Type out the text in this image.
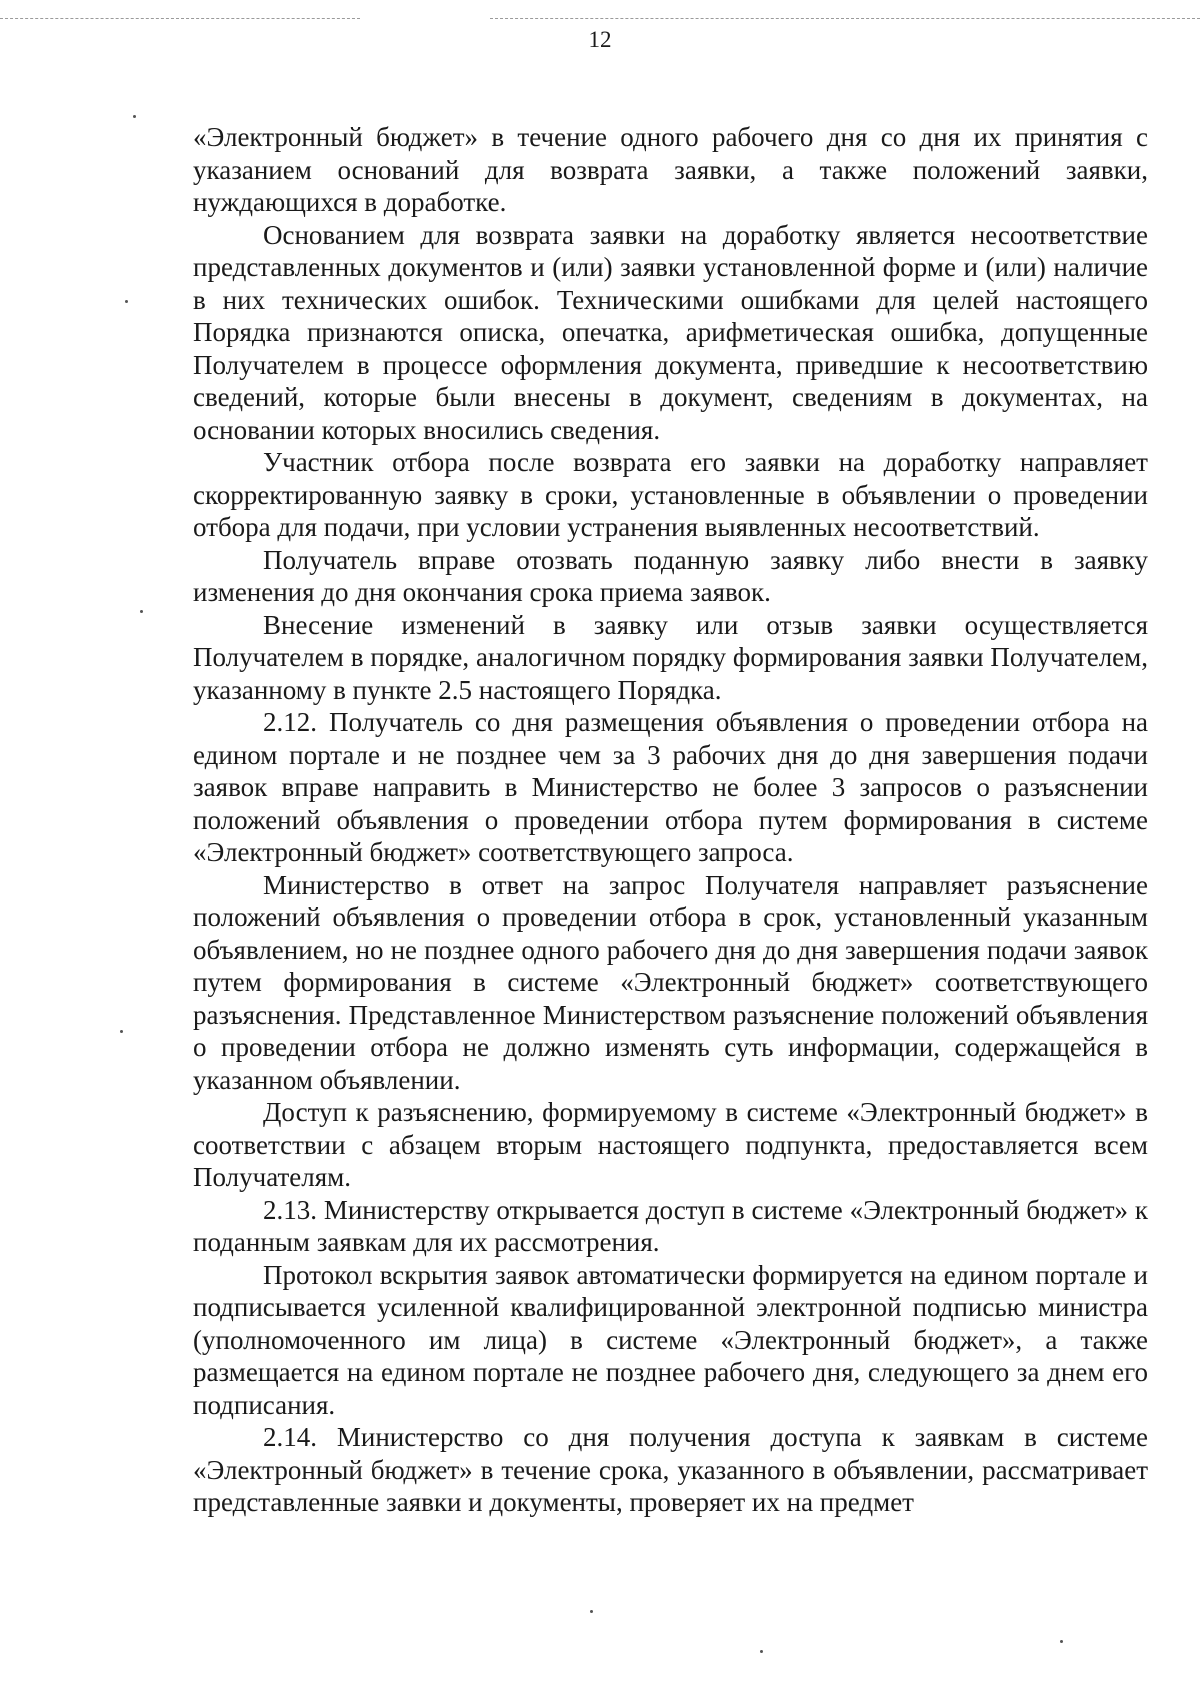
12

«Электронный бюджет» в течение одного рабочего дня со дня их принятия с указанием оснований для возврата заявки, а также положений заявки, нуждающихся в доработке.

Основанием для возврата заявки на доработку является несоответствие представленных документов и (или) заявки установленной форме и (или) наличие в них технических ошибок. Техническими ошибками для целей настоящего Порядка признаются описка, опечатка, арифметическая ошибка, допущенные Получателем в процессе оформления документа, приведшие к несоответствию сведений, которые были внесены в документ, сведениям в документах, на основании которых вносились сведения.

Участник отбора после возврата его заявки на доработку направляет скорректированную заявку в сроки, установленные в объявлении о проведении отбора для подачи, при условии устранения выявленных несоответствий.

Получатель вправе отозвать поданную заявку либо внести в заявку изменения до дня окончания срока приема заявок.

Внесение изменений в заявку или отзыв заявки осуществляется Получателем в порядке, аналогичном порядку формирования заявки Получателем, указанному в пункте 2.5 настоящего Порядка.

2.12. Получатель со дня размещения объявления о проведении отбора на едином портале и не позднее чем за 3 рабочих дня до дня завершения подачи заявок вправе направить в Министерство не более 3 запросов о разъяснении положений объявления о проведении отбора путем формирования в системе «Электронный бюджет» соответствующего запроса.

Министерство в ответ на запрос Получателя направляет разъяснение положений объявления о проведении отбора в срок, установленный указанным объявлением, но не позднее одного рабочего дня до дня завершения подачи заявок путем формирования в системе «Электронный бюджет» соответствующего разъяснения. Представленное Министерством разъяснение положений объявления о проведении отбора не должно изменять суть информации, содержащейся в указанном объявлении.

Доступ к разъяснению, формируемому в системе «Электронный бюджет» в соответствии с абзацем вторым настоящего подпункта, предоставляется всем Получателям.

2.13. Министерству открывается доступ в системе «Электронный бюджет» к поданным заявкам для их рассмотрения.

Протокол вскрытия заявок автоматически формируется на едином портале и подписывается усиленной квалифицированной электронной подписью министра (уполномоченного им лица) в системе «Электронный бюджет», а также размещается на едином портале не позднее рабочего дня, следующего за днем его подписания.

2.14. Министерство со дня получения доступа к заявкам в системе «Электронный бюджет» в течение срока, указанного в объявлении, рассматривает представленные заявки и документы, проверяет их на предмет
